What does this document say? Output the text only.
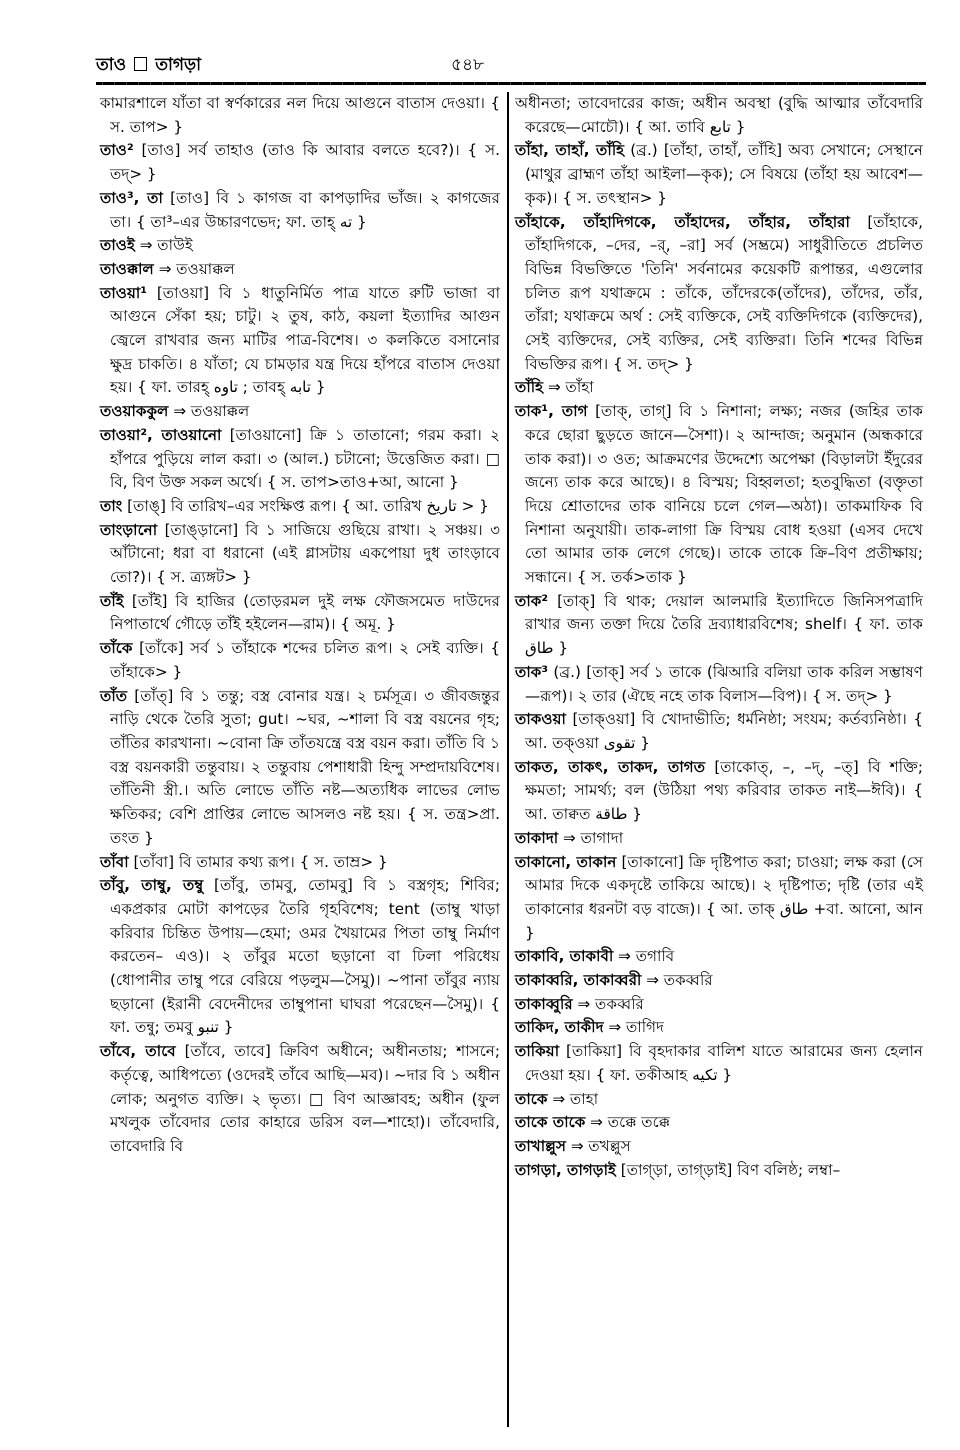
তাও তাগড়া	৫৪৮

কামারশালে যাঁতা বা স্বর্ণকারের নল দিয়ে আগুনে বাতাস দেওয়া। { স. তাপ> }

তাও² [তাও] সর্ব তাহাও (তাও কি আবার বলতে হবে?)। { স. তদ্> }

তাও³, তা [তাও] বি ১ কাগজ বা কাপড়াদির ভাঁজ। ২ কাগজের তা। { তা³–এর উচ্চারণভেদ; ফা. তাহ্ ته }

তাওই ⇒ তাউই

তাওক্কাল ⇒ তওয়াক্কল

তাওয়া¹ [তাওয়া] বি ১ ধাতুনির্মিত পাত্র যাতে রুটি ভাজা বা আগুনে সেঁকা হয়; চাটু। ২ তুষ, কাঠ, কয়লা ইত্যাদির আগুন জ্বেলে রাখবার জন্য মাটির পাত্র-বিশেষ। ৩ কলকিতে বসানোর ক্ষুদ্র চাকতি। ৪ যাঁতা; যে চামড়ার যন্ত্র দিয়ে হাঁপরে বাতাস দেওয়া হয়। { ফা. তারহ্ تاوه ; তাবহ্ تابه }

তওয়াককুল ⇒ তওয়াক্কল

তাওয়া², তাওয়ানো [তাওয়ানো] ক্রি ১ তাতানো; গরম করা। ২ হাঁপরে পুড়িয়ে লাল করা। ৩ (আল.) চটানো; উত্তেজিত করা। □ বি, বিণ উক্ত সকল অর্থে। { স. তাপ>তাও+আ, আনো }

তাং [তাঙ্] বি তারিখ–এর সংক্ষিপ্ত রূপ। { আ. তারিখ تاریخ > }

তাংড়ানো [তাঙ্ড়ানো] বি ১ সাজিয়ে গুছিয়ে রাখা। ২ সঞ্চয়। ৩ আঁটানো; ধরা বা ধরানো (এই গ্লাসটায় একপোয়া দুধ তাংড়াবে তো?)। { স. ত্র্যঙ্গট> }

তাঁই [তাঁই] বি হাজির (তোড়রমল দুই লক্ষ ফৌজসমেত দাউদের নিপাতার্থে গৌড়ে তাঁই হইলেন—রাম)। { অমূ. }

তাঁকে [তাঁকে] সর্ব ১ তাঁহাকে শব্দের চলিত রূপ। ২ সেই ব্যক্তি। { তাঁহাকে> }

তাঁত [তাঁত্] বি ১ তন্তু; বস্ত্র বোনার যন্ত্র। ২ চর্মসূত্র। ৩ জীবজন্তুর নাড়ি থেকে তৈরি সুতা; gut। ~ঘর, ~শালা বি বস্ত্র বয়নের গৃহ; তাঁতির কারখানা। ~বোনা ক্রি তাঁতযন্ত্রে বস্ত্র বয়ন করা। তাঁতি বি ১ বস্ত্র বয়নকারী তন্তুবায়। ২ তন্তুবায় পেশাধারী হিন্দু সম্প্রদায়বিশেষ। তাঁতিনী স্ত্রী.। অতি লোভে তাঁতি নষ্ট—অত্যধিক লাভের লোভ ক্ষতিকর; বেশি প্রাপ্তির লোভে আসলও নষ্ট হয়। { স. তন্ত্র>প্রা. তংত }

তাঁবা [তাঁবা] বি তামার কথ্য রূপ। { স. তাম্র> }

তাঁবু, তাম্বু, তম্বু [তাঁবু, তামবু, তোমবু] বি ১ বস্ত্রগৃহ; শিবির; একপ্রকার মোটা কাপড়ের তৈরি গৃহবিশেষ; tent (তাম্বু খাড়া করিবার চিন্তিত উপায়—হেমা; ওমর খৈয়ামের পিতা তাম্বু নির্মাণ করতেন– এও)। ২ তাঁবুর মতো ছড়ানো বা ঢিলা পরিধেয় (ধোপানীর তাম্বু পরে বেরিয়ে পড়লুম—সৈমু)। ~পানা তাঁবুর ন্যায় ছড়ানো (ইরানী বেদেনীদের তাম্বুপানা ঘাঘরা পরেছেন—সৈমু)। { ফা. তন্বু; তমবু تنبو }

তাঁবে, তাবে [তাঁবে, তাবে] ক্রিবিণ অধীনে; অধীনতায়; শাসনে; কর্তৃত্বে, আধিপত্যে (ওদেরই তাঁবে আছি—মব)। ~দার বি ১ অধীন লোক; অনুগত ব্যক্তি। ২ ভৃত্য। □ বিণ আজ্ঞাবহ; অধীন (ফুল মখলুক তাঁবেদার তোর কাহারে ডরিস বল—শাহো)। তাঁবেদারি, তাবেদারি বি

অধীনতা; তাবেদারের কাজ; অধীন অবস্থা (বুদ্ধি আত্মার তাঁবেদারি করেছে—মোচৌ)। { আ. তাবি تابع }

তাঁহা, তাহাঁ, তাঁহি (ব্র.) [তাঁহা, তাহাঁ, তাঁহি] অব্য সেখানে; সেস্থানে (মাথুর ব্রাহ্মণ তাঁহা আইলা—কৃক); সে বিষয়ে (তাঁহা হয় আবেশ—কৃক)। { স. তৎস্থান> }

তাঁহাকে, তাঁহাদিগকে, তাঁহাদের, তাঁহার, তাঁহারা [তাঁহাকে, তাঁহাদিগকে, –দের, –র্, –রা] সর্ব (সম্ভ্রমে) সাধুরীতিতে প্রচলিত বিভিন্ন বিভক্তিতে 'তিনি' সর্বনামের কয়েকটি রূপান্তর, এগুলোর চলিত রূপ যথাক্রমে : তাঁকে, তাঁদেরকে(তাঁদের), তাঁদের, তাঁর, তাঁরা; যথাক্রমে অর্থ : সেই ব্যক্তিকে, সেই ব্যক্তিদিগকে (ব্যক্তিদের), সেই ব্যক্তিদের, সেই ব্যক্তির, সেই ব্যক্তিরা। তিনি শব্দের বিভিন্ন বিভক্তির রূপ। { স. তদ্> }

তাঁহি ⇒ তাঁহা

তাক¹, তাগ [তাক্, তাগ্] বি ১ নিশানা; লক্ষ্য; নজর (জহির তাক করে ছোরা ছুড়তে জানে—সৈশা)। ২ আন্দাজ; অনুমান (অন্ধকারে তাক করা)। ৩ ওত; আক্রমণের উদ্দেশ্যে অপেক্ষা (বিড়ালটা ইঁদুরের জন্যে তাক করে আছে)। ৪ বিস্ময়; বিহ্বলতা; হতবুদ্ধিতা (বক্তৃতা দিয়ে শ্রোতাদের তাক বানিয়ে চলে গেল—অঠা)। তাকমাফিক বি নিশানা অনুযায়ী। তাক-লাগা ক্রি বিস্ময় বোধ হওয়া (এসব দেখে তো আমার তাক লেগে গেছে)। তাকে তাকে ক্রি–বিণ প্রতীক্ষায়; সন্ধানে। { স. তর্ক>তাক }

তাক² [তাক্] বি থাক; দেয়াল আলমারি ইত্যাদিতে জিনিসপত্রাদি রাখার জন্য তক্তা দিয়ে তৈরি দ্রব্যাধারবিশেষ; shelf। { ফা. তাক طاق }

তাক³ (ব্র.) [তাক্] সর্ব ১ তাকে (ঝিআরি বলিয়া তাক করিল সম্ভাষণ—রূপ)। ২ তার (ঐছে নহে তাক বিলাস—বিপ)। { স. তদ্> }

তাকওয়া [তাক্ওয়া] বি খোদাভীতি; ধর্মনিষ্ঠা; সংযম; কর্তব্যনিষ্ঠা। { আ. তক্ওয়া تقوی }

তাকত, তাকৎ, তাকদ, তাগত [তাকোত্, –, –দ্, –ত্] বি শক্তি; ক্ষমতা; সামর্থ্য; বল (উঠিয়া পথ্য করিবার তাকত নাই—ঈবি)। { আ. তাক্বত طاقة }

তাকাদা ⇒ তাগাদা

তাকানো, তাকান [তাকানো] ক্রি দৃষ্টিপাত করা; চাওয়া; লক্ষ করা (সে আমার দিকে একদৃষ্টে তাকিয়ে আছে)। ২ দৃষ্টিপাত; দৃষ্টি (তার এই তাকানোর ধরনটা বড় বাজে)। { আ. তাক্ طاق +বা. আনো, আন }

তাকাবি, তাকাবী ⇒ তগাবি

তাকাব্বরি, তাকাব্বরী ⇒ তকব্বরি

তাকাব্বুরি ⇒ তকব্বরি

তাকিদ, তাকীদ ⇒ তাগিদ

তাকিয়া [তাকিয়া] বি বৃহদাকার বালিশ যাতে আরামের জন্য হেলান দেওয়া হয়। { ফা. তকীআহ تکیه }

তাকে ⇒ তাহা

তাকে তাকে ⇒ তক্কে তক্কে

তাখাল্লুস ⇒ তখল্লুস

তাগড়া, তাগড়াই [তাগ্ড়া, তাগ্ড়াই] বিণ বলিষ্ঠ; লম্বা–
